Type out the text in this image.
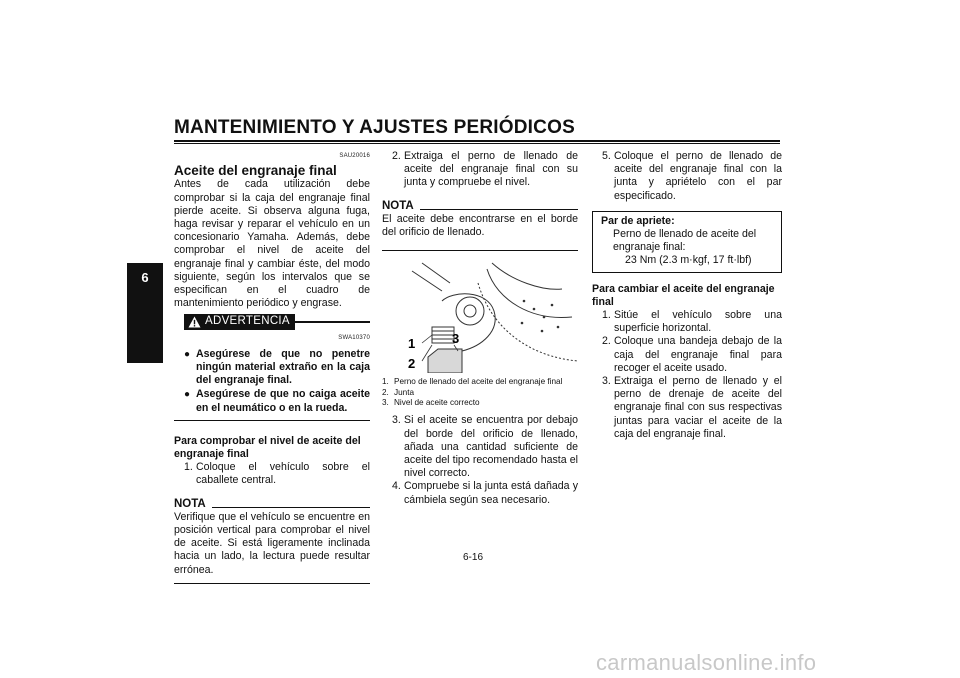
MANTENIMIENTO Y AJUSTES PERIÓDICOS
6
SAU20016
Aceite del engranaje final

Antes de cada utilización debe comprobar si la caja del engranaje final pierde aceite. Si observa alguna fuga, haga revisar y reparar el vehículo en un concesionario Yamaha. Además, debe comprobar el nivel de aceite del engranaje final y cambiar éste, del modo siguiente, según los intervalos que se especifican en el cuadro de mantenimiento periódico y engrase.

ADVERTENCIA
SWA10370
● Asegúrese de que no penetre ningún material extraño en la caja del engranaje final.
● Asegúrese de que no caiga aceite en el neumático o en la rueda.
Para comprobar el nivel de aceite del engranaje final
1. Coloque el vehículo sobre el caballete central.
NOTA

Verifique que el vehículo se encuentre en posición vertical para comprobar el nivel de aceite. Si está ligeramente inclinada hacia un lado, la lectura puede resultar errónea.

2. Extraiga el perno de llenado de aceite del engranaje final con su junta y compruebe el nivel.
NOTA

El aceite debe encontrarse en el borde del orificio de llenado.

1	3
2
1. Perno de llenado del aceite del engranaje final
2. Junta
3. Nivel de aceite correcto
3. Si el aceite se encuentra por debajo del borde del orificio de llenado, añada una cantidad suficiente de aceite del tipo recomendado hasta el nivel correcto.
4. Compruebe si la junta está dañada y cámbiela según sea necesario.
5. Coloque el perno de llenado de aceite del engranaje final con la junta y apriételo con el par especificado.
Par de apriete:
Perno de llenado de aceite del engranaje final:
23 Nm (2.3 m·kgf, 17 ft·lbf)
Para cambiar el aceite del engranaje final
1. Sitúe el vehículo sobre una superficie horizontal.
2. Coloque una bandeja debajo de la caja del engranaje final para recoger el aceite usado.
3. Extraiga el perno de llenado y el perno de drenaje de aceite del engranaje final con sus respectivas juntas para vaciar el aceite de la caja del engranaje final.
6-16
carmanualsonline.info
